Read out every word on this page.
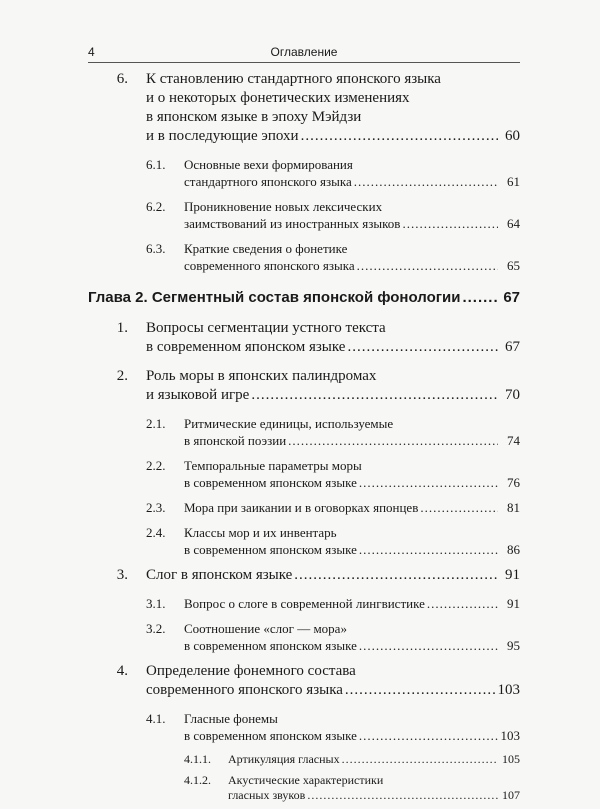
4	Оглавление
6. К становлению стандартного японского языка
и о некоторых фонетических изменениях
в японском языке в эпоху Мэйдзи
и в последующие эпохи .....	60
6.1.	Основные вехи формирования
стандартного японского языка .....	61
6.2.	Проникновение новых лексических
заимствований из иностранных языков .....	64
6.3.	Краткие сведения о фонетике
современного японского языка .....	65
Глава 2. Сегментный состав японской фонологии .....	67
1. Вопросы сегментации устного текста
в современном японском языке .....	67
2. Роль моры в японских палиндромах
и языковой игре .....	70
2.1.	Ритмические единицы, используемые
в японской поэзии .....	74
2.2.	Темпоральные параметры моры
в современном японском языке .....	76
2.3.	Мора при заикании и в оговорках японцев .....	81
2.4.	Классы мор и их инвентарь
в современном японском языке .....	86
3. Слог в японском языке .....	91
3.1.	Вопрос о слоге в современной лингвистике .....	91
3.2.	Соотношение «слог — мора»
в современном японском языке .....	95
4. Определение фонемного состава
современного японского языка .....	103
4.1.	Гласные фонемы
в современном японском языке .....	103
4.1.1.	Артикуляция гласных .....	105
4.1.2.	Акустические характеристики
гласных звуков .....	107
